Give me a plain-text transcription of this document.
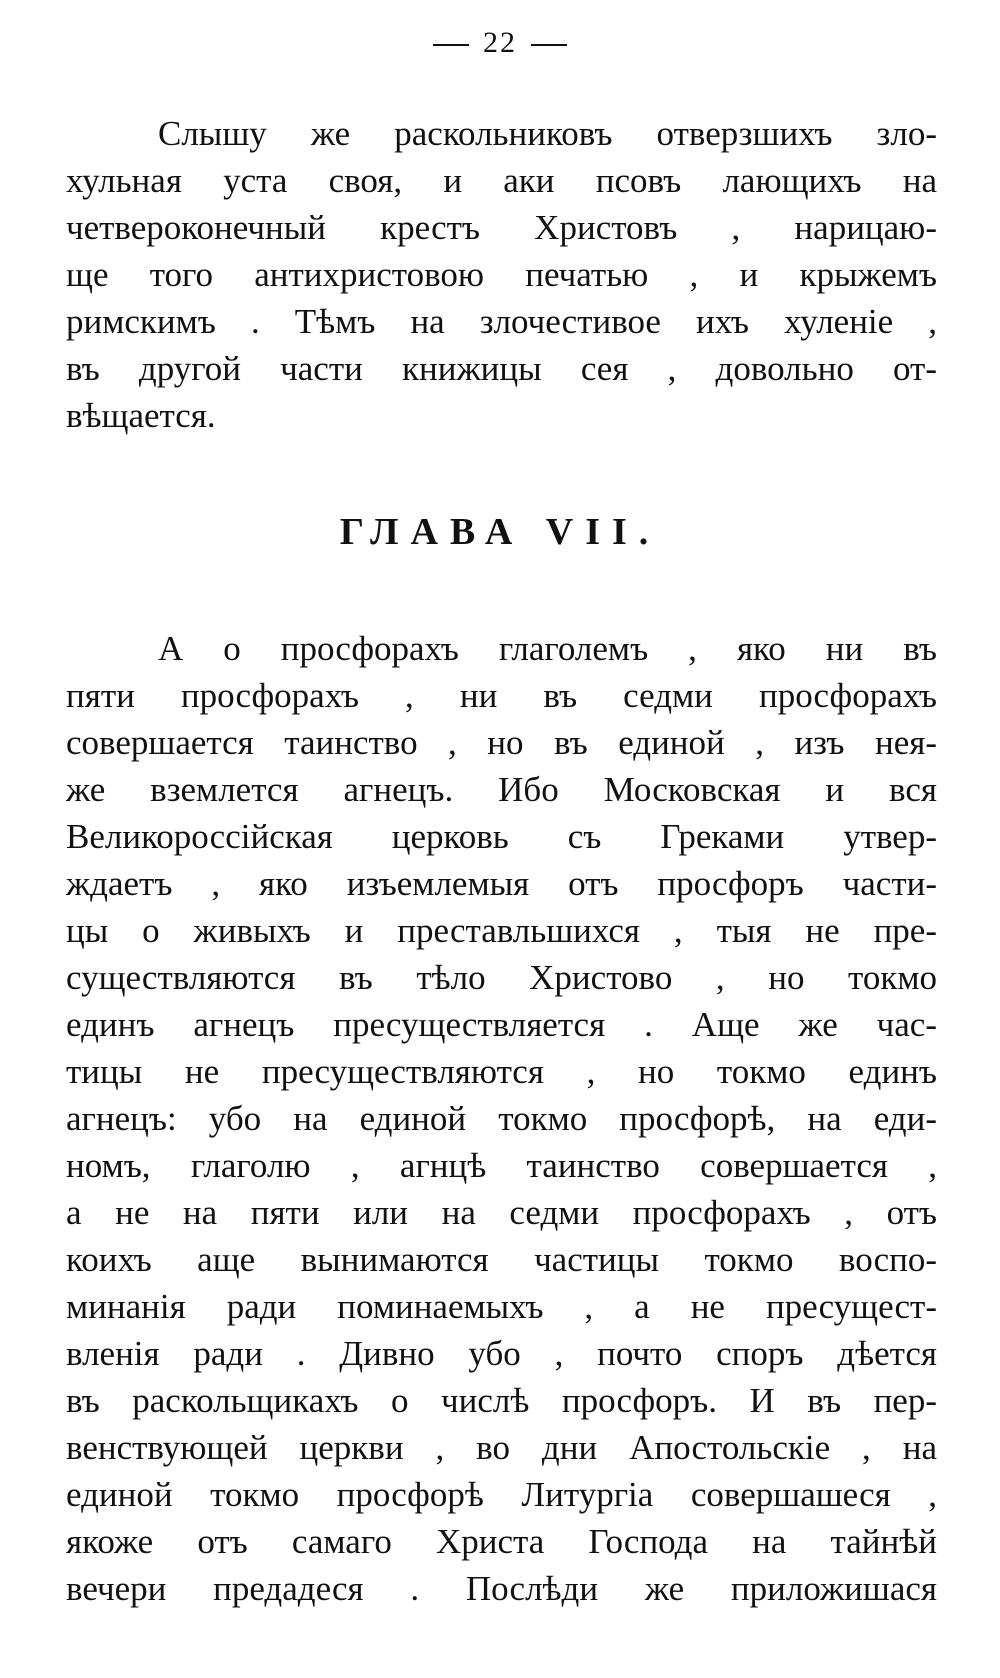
22
Слышу же раскольниковъ отверзшихъ зло-
хульная уста своя, и аки псовъ лающихъ на
четвероконечный крестъ Христовъ , нарицаю-
ще того антихристовою печатью , и крыжемъ
римскимъ . Тѣмъ на злочестивое ихъ хуленіе ,
въ другой части книжицы сея , довольно от-
вѣщается.
ГЛАВА VII.
А о просфорахъ глаголемъ , яко ни въ
пяти просфорахъ , ни въ седми просфорахъ
совершается таинство , но въ единой , изъ нея-
же вземлется агнецъ. Ибо Московская и вся
Великороссійская церковь съ Греками утвер-
ждаетъ , яко изъемлемыя отъ просфоръ части-
цы о живыхъ и преставльшихся , тыя не пре-
существляются въ тѣло Христово , но токмо
единъ агнецъ пресуществляется . Аще же час-
тицы не пресуществляются , но токмо единъ
агнецъ: убо на единой токмо просфорѣ, на еди-
номъ, глаголю , агнцѣ таинство совершается ,
а не на пяти или на седми просфорахъ , отъ
коихъ аще вынимаются частицы токмо воспо-
минанія ради поминаемыхъ , а не пресущест-
вленія ради . Дивно убо , почто споръ дѣется
въ раскольщикахъ о числѣ просфоръ. И въ пер-
венствующей церкви , во дни Апостольскіе , на
единой токмо просфорѣ Литургіа совершашеся ,
якоже отъ самаго Христа Господа на тайнѣй
вечери предадеся . Послѣди же приложишася
